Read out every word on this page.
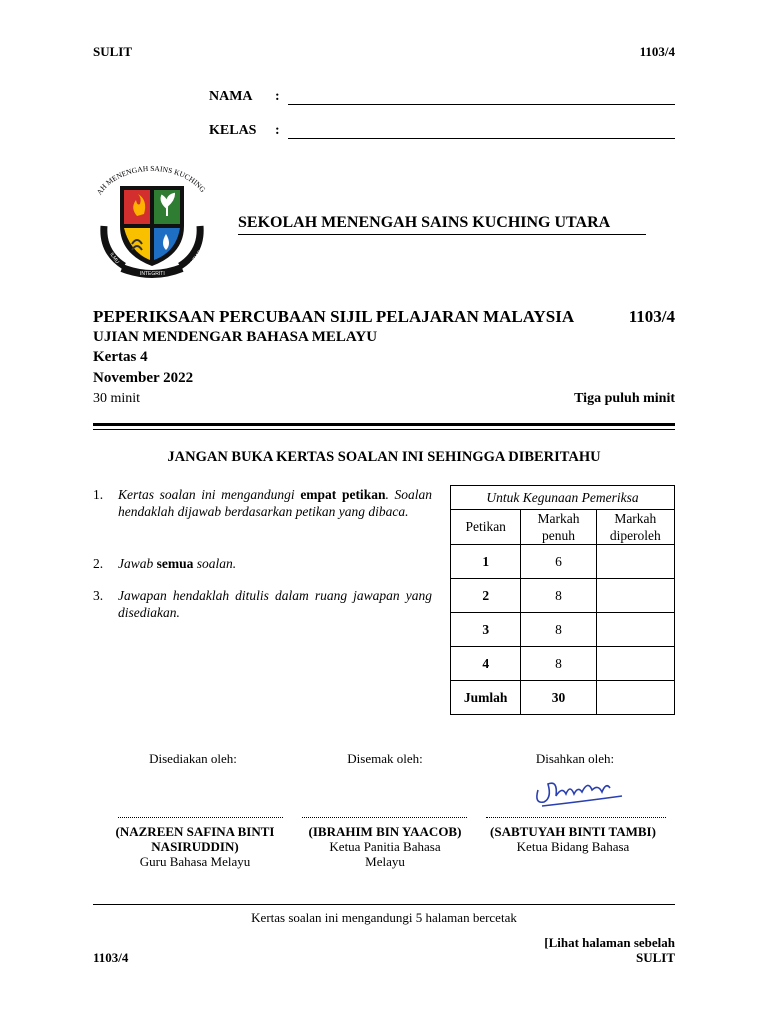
SULIT	1103/4
NAMA :
KELAS :
AH MENENGAH SAINS KUCHING
ILMU
INTEGRITI
IKTIAS
SEKOLAH MENENGAH SAINS KUCHING UTARA
PEPERIKSAAN PERCUBAAN SIJIL PELAJARAN MALAYSIA	1103/4
UJIAN MENDENGAR BAHASA MELAYU
Kertas 4
November 2022
30 minit	Tiga puluh minit
JANGAN BUKA KERTAS SOALAN INI SEHINGGA DIBERITAHU
1. Kertas soalan ini mengandungi empat petikan. Soalan hendaklah dijawab berdasarkan petikan yang dibaca.
2. Jawab semua soalan.
3. Jawapan hendaklah ditulis dalam ruang jawapan yang disediakan.
Untuk Kegunaan Pemeriksa		
Petikan	Markah penuh	Markah diperoleh
1	6	
2	8	
3	8	
4	8	
Jumlah	30	
Disediakan oleh:	Disemak oleh:	Disahkan oleh:
(NAZREEN SAFINA BINTI NASIRUDDIN)
Guru Bahasa Melayu
(IBRAHIM BIN YAACOB)
Ketua Panitia Bahasa Melayu
(SABTUYAH BINTI TAMBI)
Ketua Bidang Bahasa
Kertas soalan ini mengandungi 5 halaman bercetak
[Lihat halaman sebelah
1103/4	SULIT
